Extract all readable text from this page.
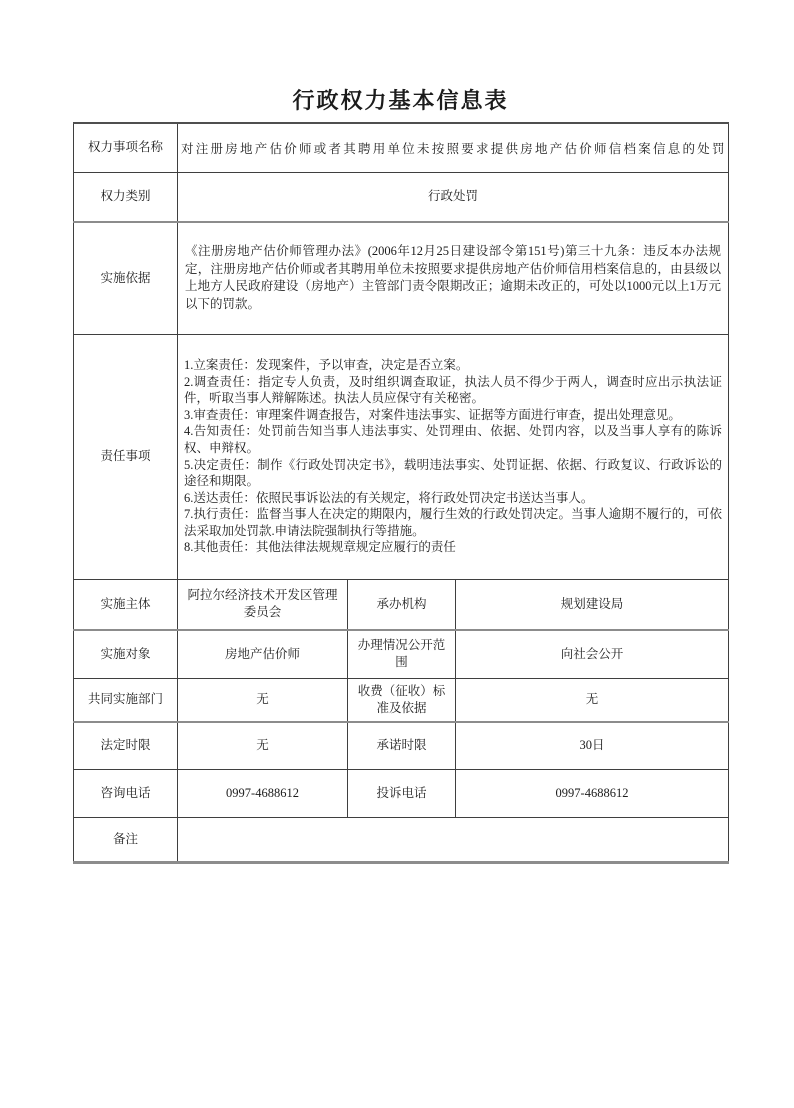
行政权力基本信息表
权力事项名称	对注册房地产估价师或者其聘用单位未按照要求提供房地产估价师信档案信息的处罚		
权力类别	行政处罚		
实施依据	《注册房地产估价师管理办法》(2006年12月25日建设部令第151号)第三十九条：违反本办法规定，注册房地产估价师或者其聘用单位未按照要求提供房地产估价师信用档案信息的，由县级以上地方人民政府建设（房地产）主管部门责令限期改正；逾期未改正的，可处以1000元以上1万元以下的罚款。		
责任事项	
1.立案责任：发现案件，予以审查，决定是否立案。
2.调查责任：指定专人负责，及时组织调查取证，执法人员不得少于两人，调查时应出示执法证件，听取当事人辩解陈述。执法人员应保守有关秘密。
3.审查责任：审理案件调查报告，对案件违法事实、证据等方面进行审查，提出处理意见。
4.告知责任：处罚前告知当事人违法事实、处罚理由、依据、处罚内容，以及当事人享有的陈诉权、申辩权。
5.决定责任：制作《行政处罚决定书》，载明违法事实、处罚证据、依据、行政复议、行政诉讼的途径和期限。
6.送达责任：依照民事诉讼法的有关规定，将行政处罚决定书送达当事人。
7.执行责任：监督当事人在决定的期限内，履行生效的行政处罚决定。当事人逾期不履行的，可依法采取加处罚款.申请法院强制执行等措施。
8.其他责任：其他法律法规规章规定应履行的责任

实施主体	阿拉尔经济技术开发区管理委员会	承办机构	规划建设局
实施对象	房地产估价师	办理情况公开范围	向社会公开
共同实施部门	无	收费（征收）标准及依据	无
法定时限	无	承诺时限	30日
咨询电话	0997-4688612	投诉电话	0997-4688612
备注			
